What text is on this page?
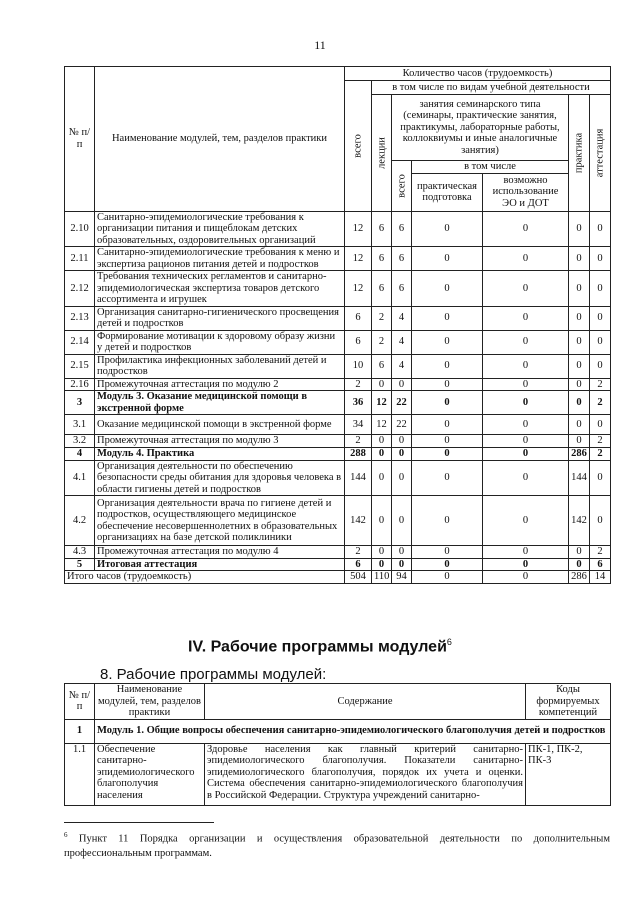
11
№ п/п	Наименование модулей, тем, разделов практики	Количество часов (трудоемкость)						

		всего	в том числе по видам учебной деятельности					

			лекции	занятия семинарского типа (семинары, практические занятия, практикумы, лабораторные работы, коллоквиумы и иные аналогичные занятия)			практика	аттестация

				всего	в том числе			
					практическая подготовка	возможно использование ЭО и ДОТ		
2.10	Санитарно-эпидемиологические требования к организации питания и пищеблокам детских образовательных, оздоровительных организаций	12	6	6	0	0	0	0
2.11	Санитарно-эпидемиологические требования к меню и экспертиза рационов питания детей и подростков	12	6	6	0	0	0	0
2.12	Требования технических регламентов и санитарно-эпидемиологическая экспертиза товаров детского ассортимента и игрушек	12	6	6	0	0	0	0
2.13	Организация санитарно-гигиенического просвещения детей и подростков	6	2	4	0	0	0	0
2.14	Формирование мотивации к здоровому образу жизни у детей и подростков	6	2	4	0	0	0	0
2.15	Профилактика инфекционных заболеваний детей и подростков	10	6	4	0	0	0	0
2.16	Промежуточная аттестация по модулю 2	2	0	0	0	0	0	2
3	Модуль 3. Оказание медицинской помощи в экстренной форме	36	12	22	0	0	0	2
3.1	Оказание медицинской помощи в экстренной форме	34	12	22	0	0	0	0
3.2	Промежуточная аттестация по модулю 3	2	0	0	0	0	0	2
4	Модуль 4. Практика	288	0	0	0	0	286	2
4.1	Организация деятельности по обеспечению безопасности среды обитания для здоровья человека в области гигиены детей и подростков	144	0	0	0	0	144	0
4.2	Организация деятельности врача по гигиене детей и подростков, осуществляющего медицинское обеспечение несовершеннолетних в образовательных организациях на базе детской поликлиники	142	0	0	0	0	142	0
4.3	Промежуточная аттестация по модулю 4	2	0	0	0	0	0	2
5	Итоговая аттестация	6	0	0	0	0	0	6
Итого часов (трудоемкость)		504	110	94	0	0	286	14
IV. Рабочие программы модулей$^6$
8. Рабочие программы модулей:
№ п/п	Наименование модулей, тем, разделов практики	Содержание	Коды формируемых компетенций
1	Модуль 1. Общие вопросы обеспечения санитарно-эпидемиологического благополучия детей и подростков		
1.1	Обеспечение санитарно-эпидемиологического благополучия населения	Здоровье населения как главный критерий санитарно-эпидемиологического благополучия. Показатели санитарно-эпидемиологического благополучия, порядок их учета и оценки. Система обеспечения санитарно-эпидемиологического благополучия в Российской Федерации. Структура учреждений санитарно-	ПК-1, ПК-2, ПК-3
$^6$ Пункт 11 Порядка организации и осуществления образовательной деятельности по дополнительным профессиональным программам.
